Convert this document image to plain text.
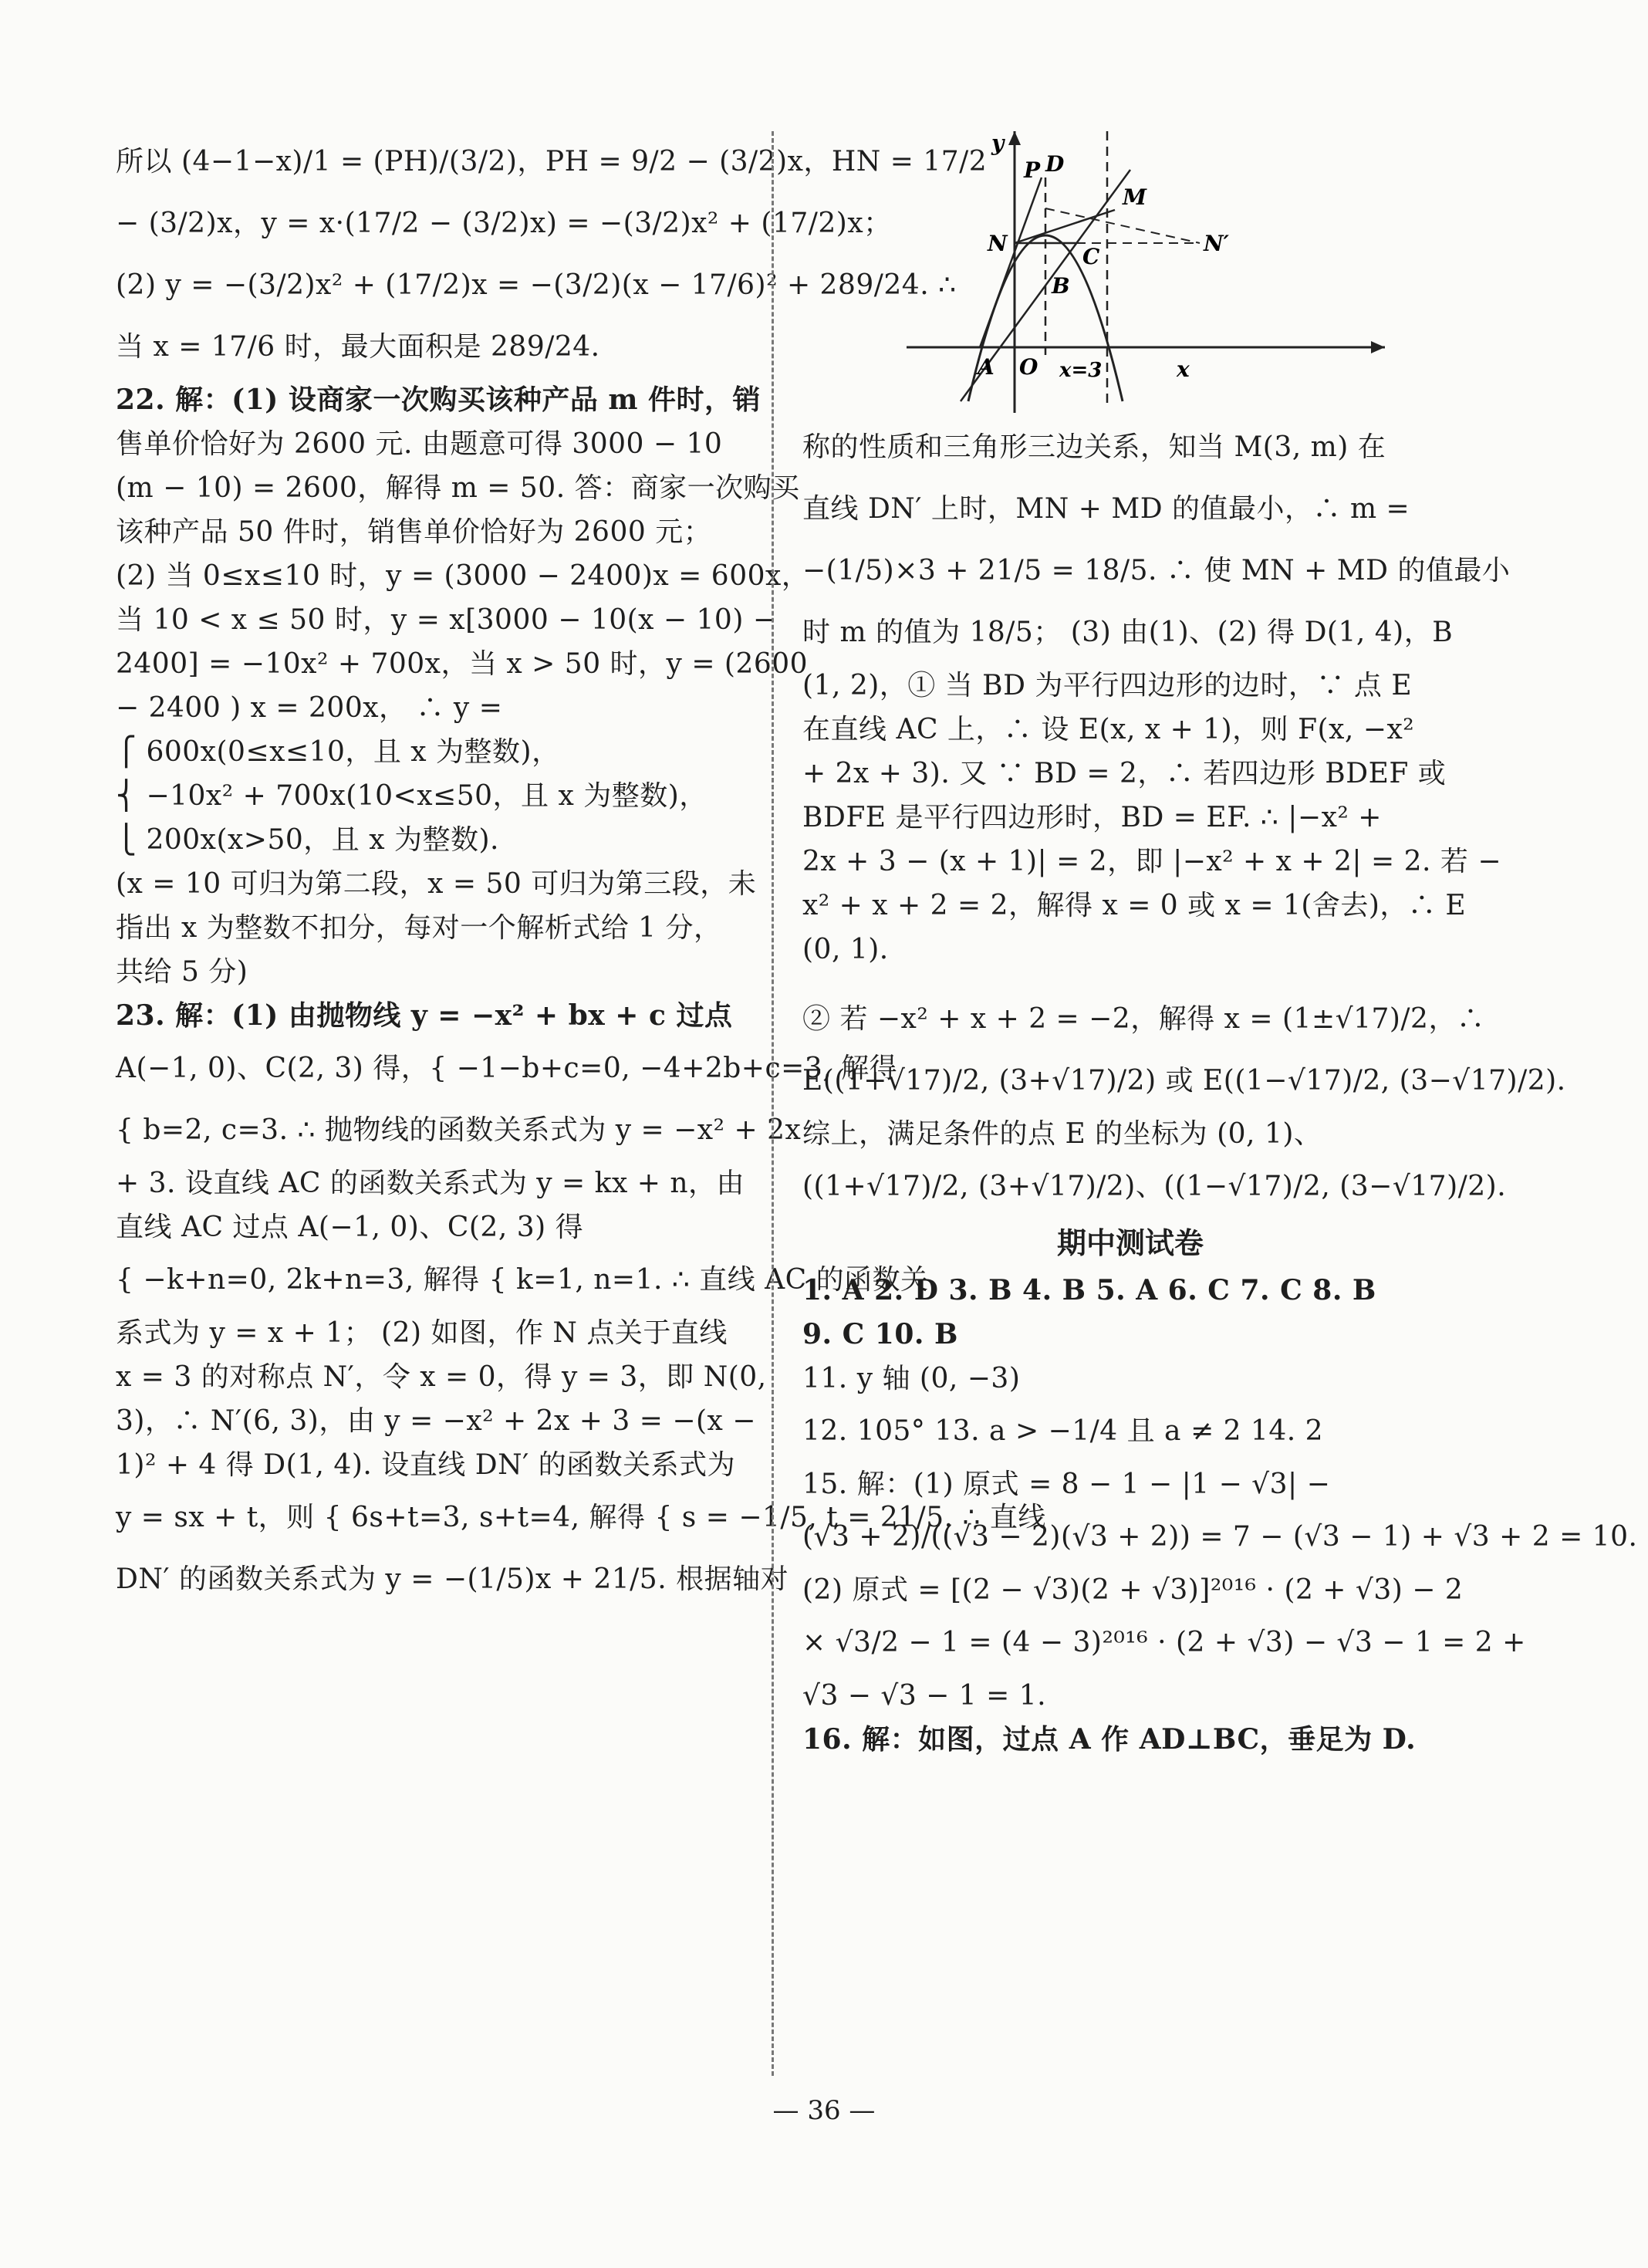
所以 (4−1−x)/1 = (PH)/(3/2)，PH = 9/2 − (3/2)x，HN = 17/2

− (3/2)x，y = x·(17/2 − (3/2)x) = −(3/2)x² + (17/2)x；

(2) y = −(3/2)x² + (17/2)x = −(3/2)(x − 17/6)² + 289/24. ∴

当 x = 17/6 时，最大面积是 289/24.

22. 解：(1) 设商家一次购买该种产品 m 件时，销

售单价恰好为 2600 元. 由题意可得 3000 − 10

(m − 10) = 2600，解得 m = 50. 答：商家一次购买

该种产品 50 件时，销售单价恰好为 2600 元；

(2) 当 0≤x≤10 时，y = (3000 − 2400)x = 600x，

当 10 < x ≤ 50 时，y = x[3000 − 10(x − 10) −

2400] = −10x² + 700x，当 x > 50 时，y = (2600

− 2400 ) x = 200x， ∴ y =

⎧ 600x(0≤x≤10，且 x 为整数)，

⎨ −10x² + 700x(10<x≤50，且 x 为整数)，

⎩ 200x(x>50，且 x 为整数).

(x = 10 可归为第二段，x = 50 可归为第三段，未

指出 x 为整数不扣分，每对一个解析式给 1 分，

共给 5 分)

23. 解：(1) 由抛物线 y = −x² + bx + c 过点

A(−1, 0)、C(2, 3) 得，{ −1−b+c=0, −4+2b+c=3, 解得

{ b=2, c=3. ∴ 抛物线的函数关系式为 y = −x² + 2x

+ 3. 设直线 AC 的函数关系式为 y = kx + n，由

直线 AC 过点 A(−1, 0)、C(2, 3) 得

{ −k+n=0, 2k+n=3, 解得 { k=1, n=1. ∴ 直线 AC 的函数关

系式为 y = x + 1； (2) 如图，作 N 点关于直线

x = 3 的对称点 N′，令 x = 0，得 y = 3，即 N(0,

3)，∴ N′(6, 3)，由 y = −x² + 2x + 3 = −(x −

1)² + 4 得 D(1, 4). 设直线 DN′ 的函数关系式为

y = sx + t，则 { 6s+t=3, s+t=4, 解得 { s = −1/5, t = 21/5. ∴ 直线

DN′ 的函数关系式为 y = −(1/5)x + 21/5. 根据轴对

y
P D
M
N	N′
C
B
A O x=3	x

称的性质和三角形三边关系，知当 M(3, m) 在

直线 DN′ 上时，MN + MD 的值最小，∴ m =

−(1/5)×3 + 21/5 = 18/5. ∴ 使 MN + MD 的值最小

时 m 的值为 18/5； (3) 由(1)、(2) 得 D(1, 4)，B

(1, 2)，① 当 BD 为平行四边形的边时，∵ 点 E

在直线 AC 上，∴ 设 E(x, x + 1)，则 F(x, −x²

+ 2x + 3). 又 ∵ BD = 2，∴ 若四边形 BDEF 或

BDFE 是平行四边形时，BD = EF. ∴ |−x² +

2x + 3 − (x + 1)| = 2，即 |−x² + x + 2| = 2. 若 −

x² + x + 2 = 2，解得 x = 0 或 x = 1(舍去)，∴ E

(0, 1).

② 若 −x² + x + 2 = −2，解得 x = (1±√17)/2，∴

E((1+√17)/2, (3+√17)/2) 或 E((1−√17)/2, (3−√17)/2).

综上，满足条件的点 E 的坐标为 (0, 1)、

((1+√17)/2, (3+√17)/2)、((1−√17)/2, (3−√17)/2).

期中测试卷

1. A 2. D 3. B 4. B 5. A 6. C 7. C 8. B

9. C 10. B

11. y 轴 (0, −3)

12. 105° 13. a > −1/4 且 a ≠ 2 14. 2

15. 解：(1) 原式 = 8 − 1 − |1 − √3| −

(√3 + 2)/((√3 − 2)(√3 + 2)) = 7 − (√3 − 1) + √3 + 2 = 10.

(2) 原式 = [(2 − √3)(2 + √3)]²⁰¹⁶ · (2 + √3) − 2

× √3/2 − 1 = (4 − 3)²⁰¹⁶ · (2 + √3) − √3 − 1 = 2 +

√3 − √3 − 1 = 1.

16. 解：如图，过点 A 作 AD⊥BC，垂足为 D.

— 36 —
